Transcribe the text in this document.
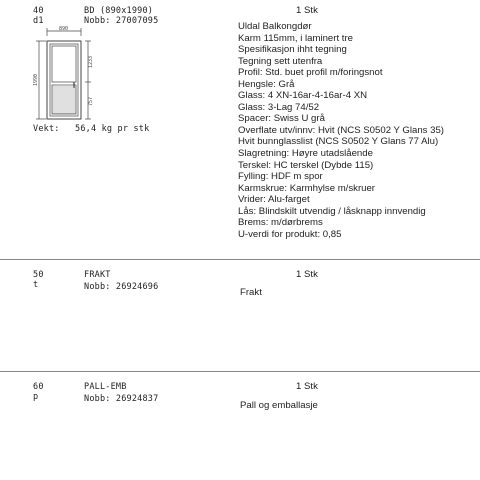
40
d1
BD (890x1990)
Nobb: 27007095
1 Stk
890
1990
1233
757
Vekt: 56,4 kg pr stk
Uldal Balkongdør
Karm 115mm, i laminert tre
Spesifikasjon ihht tegning
Tegning sett utenfra
Profil: Std. buet profil m/foringsnot
Hengsle: Grå
Glass: 4 XN-16ar-4-16ar-4 XN
Glass: 3-Lag 74/52
Spacer: Swiss U grå
Overflate utv/innv: Hvit (NCS S0502 Y Glans 35)
Hvit bunnglasslist (NCS S0502 Y Glans 77 Alu)
Slagretning: Høyre utadslående
Terskel: HC terskel (Dybde 115)
Fylling: HDF m spor
Karmskrue: Karmhylse m/skruer
Vrider: Alu-farget
Lås: Blindskilt utvendig / låsknapp innvendig
Brems: m/dørbrems
U-verdi for produkt: 0,85
50
t
FRAKT
Nobb: 26924696
1 Stk
Frakt
60
p
PALL-EMB
Nobb: 26924837
1 Stk
Pall og emballasje
